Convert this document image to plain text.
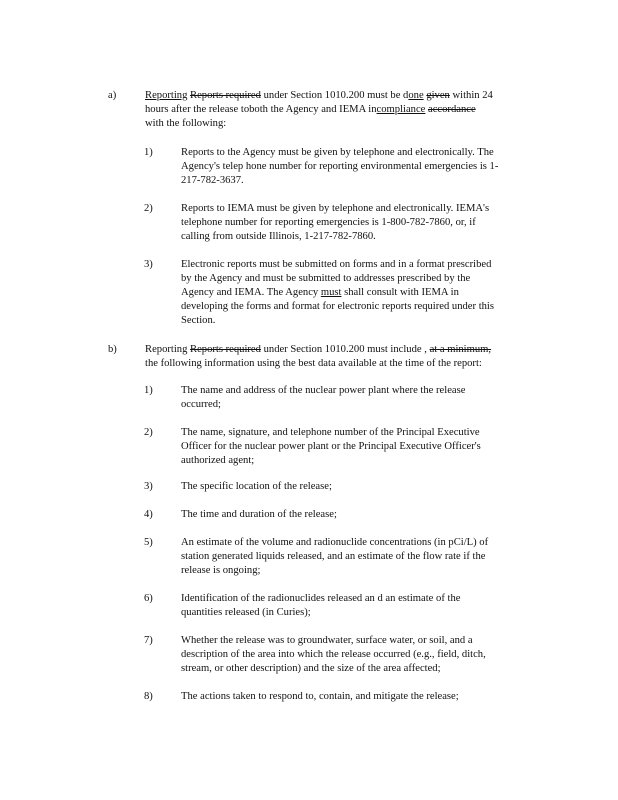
a)	Reporting Reports required under Section 1010.200 must be done given within 24
hours after the release toboth the Agency and IEMA incompliance accordance
with the following:
1)	Reports to the Agency must be given by telephone and electronically. The
Agency's telep hone number for reporting environmental emergencies is 1-
217-782-3637.
2)	Reports to IEMA must be given by telephone and electronically. IEMA's
telephone number for reporting emergencies is 1-800-782-7860, or, if
calling from outside Illinois, 1-217-782-7860.
3)	Electronic reports must be submitted on forms and in a format prescribed
by the Agency and must be submitted to addresses prescribed by the
Agency and IEMA. The Agency must shall consult with IEMA in
developing the forms and format for electronic reports required under this
Section.
b)	Reporting Reports required under Section 1010.200 must include , at a minimum,
the following information using the best data available at the time of the report:
1)	The name and address of the nuclear power plant where the release
occurred;
2)	The name, signature, and telephone number of the Principal Executive
Officer for the nuclear power plant or the Principal Executive Officer's
authorized agent;
3)	The specific location of the release;
4)	The time and duration of the release;
5)	An estimate of the volume and radionuclide concentrations (in pCi/L) of
station generated liquids released, and an estimate of the flow rate if the
release is ongoing;
6)	Identification of the radionuclides released an d an estimate of the
quantities released (in Curies);
7)	Whether the release was to groundwater, surface water, or soil, and a
description of the area into which the release occurred (e.g., field, ditch,
stream, or other description) and the size of the area affected;
8)	The actions taken to respond to, contain, and mitigate the release;
